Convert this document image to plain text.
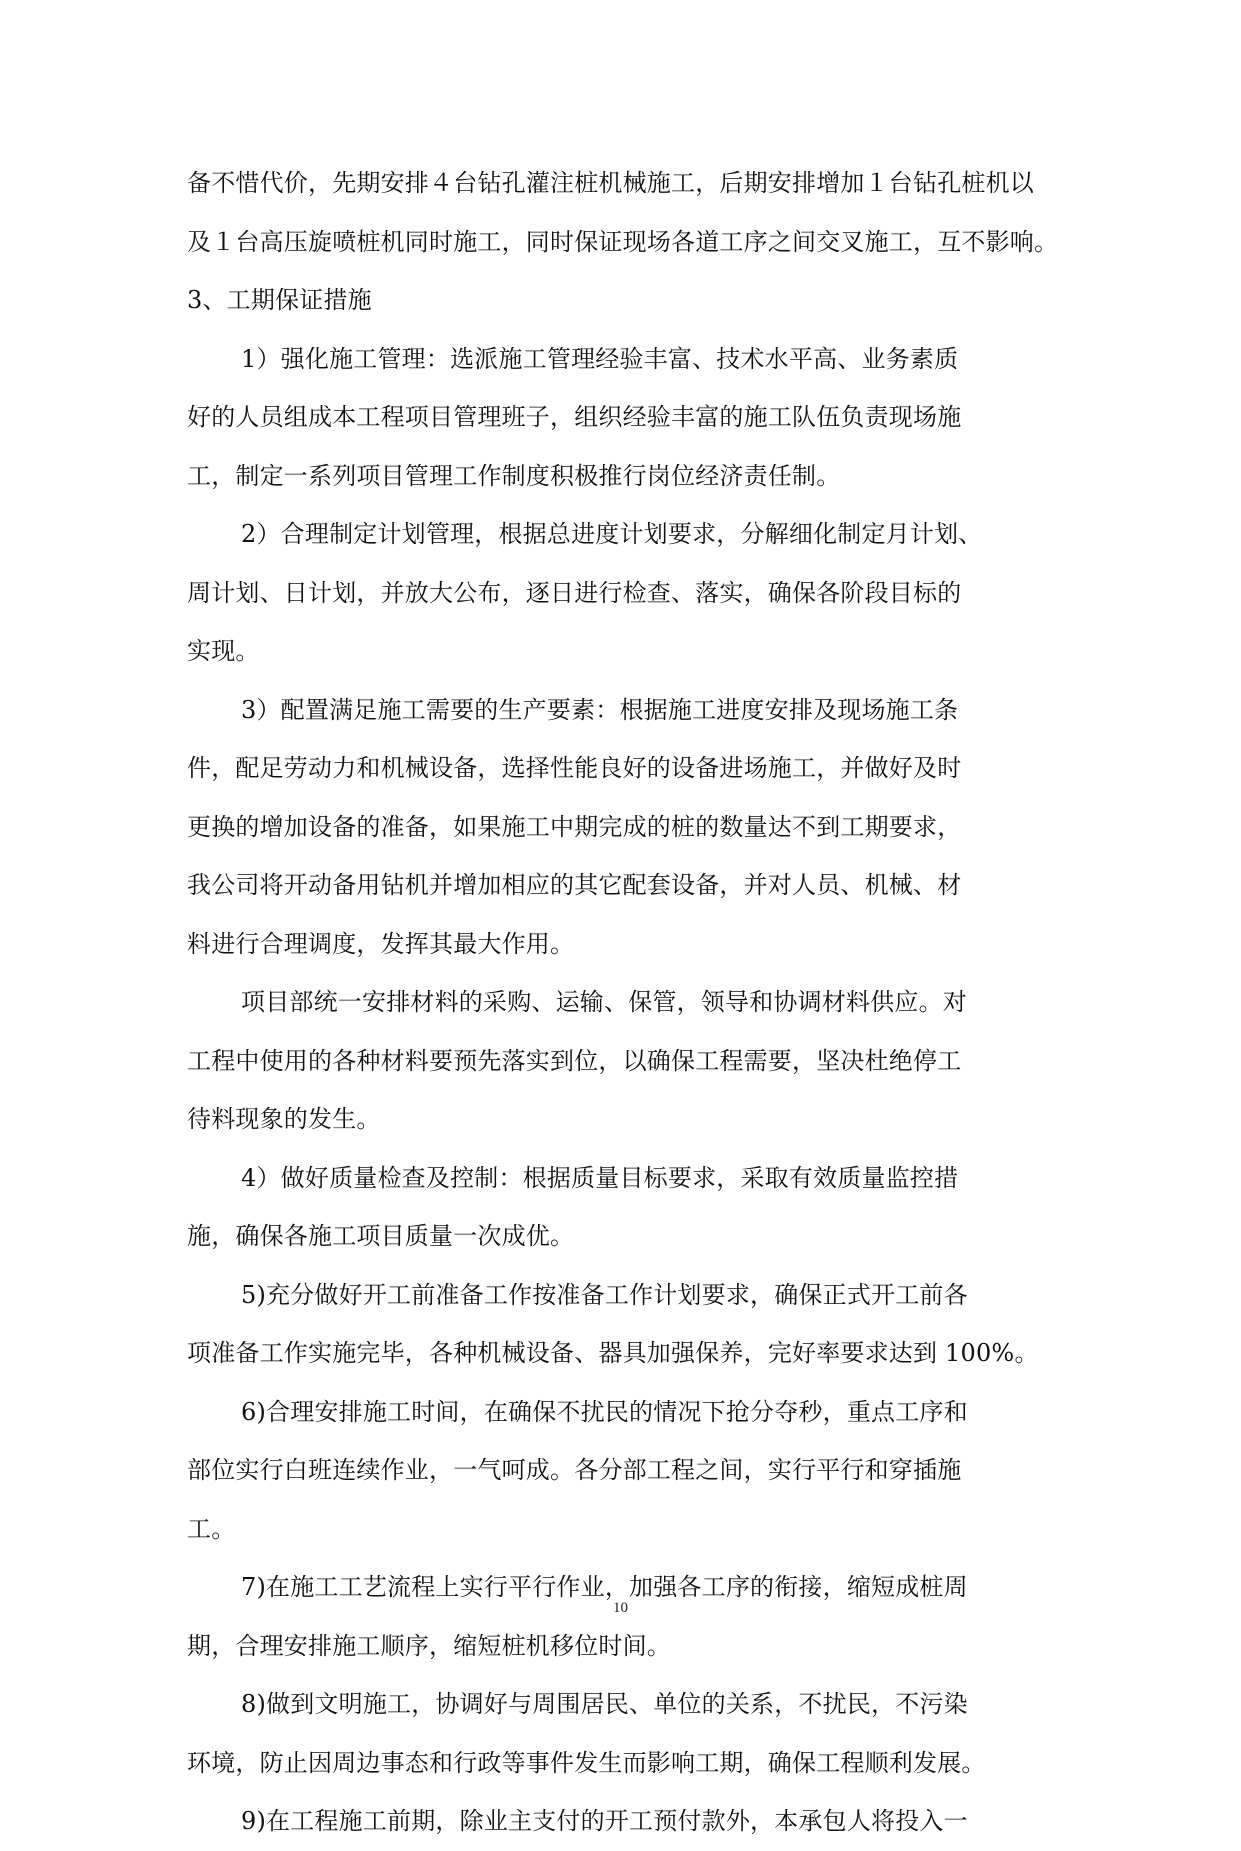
备不惜代价，先期安排４台钻孔灌注桩机械施工，后期安排增加１台钻孔桩机以
及１台高压旋喷桩机同时施工，同时保证现场各道工序之间交叉施工，互不影响。
3、工期保证措施
1）强化施工管理：选派施工管理经验丰富、技术水平高、业务素质
好的人员组成本工程项目管理班子，组织经验丰富的施工队伍负责现场施
工，制定一系列项目管理工作制度积极推行岗位经济责任制。
2）合理制定计划管理，根据总进度计划要求，分解细化制定月计划、
周计划、日计划，并放大公布，逐日进行检查、落实，确保各阶段目标的
实现。
3）配置满足施工需要的生产要素：根据施工进度安排及现场施工条
件，配足劳动力和机械设备，选择性能良好的设备进场施工，并做好及时
更换的增加设备的准备，如果施工中期完成的桩的数量达不到工期要求，
我公司将开动备用钻机并增加相应的其它配套设备，并对人员、机械、材
料进行合理调度，发挥其最大作用。
项目部统一安排材料的采购、运输、保管，领导和协调材料供应。对
工程中使用的各种材料要预先落实到位，以确保工程需要，坚决杜绝停工
待料现象的发生。
4）做好质量检查及控制：根据质量目标要求，采取有效质量监控措
施，确保各施工项目质量一次成优。
5)充分做好开工前准备工作按准备工作计划要求，确保正式开工前各
项准备工作实施完毕，各种机械设备、器具加强保养，完好率要求达到 100%。
6)合理安排施工时间，在确保不扰民的情况下抢分夺秒，重点工序和
部位实行白班连续作业，一气呵成。各分部工程之间，实行平行和穿插施
工。
7)在施工工艺流程上实行平行作业，加强各工序的衔接，缩短成桩周
期，合理安排施工顺序，缩短桩机移位时间。
8)做到文明施工，协调好与周围居民、单位的关系，不扰民，不污染
环境，防止因周边事态和行政等事件发生而影响工期，确保工程顺利发展。
9)在工程施工前期，除业主支付的开工预付款外，本承包人将投入一
10
